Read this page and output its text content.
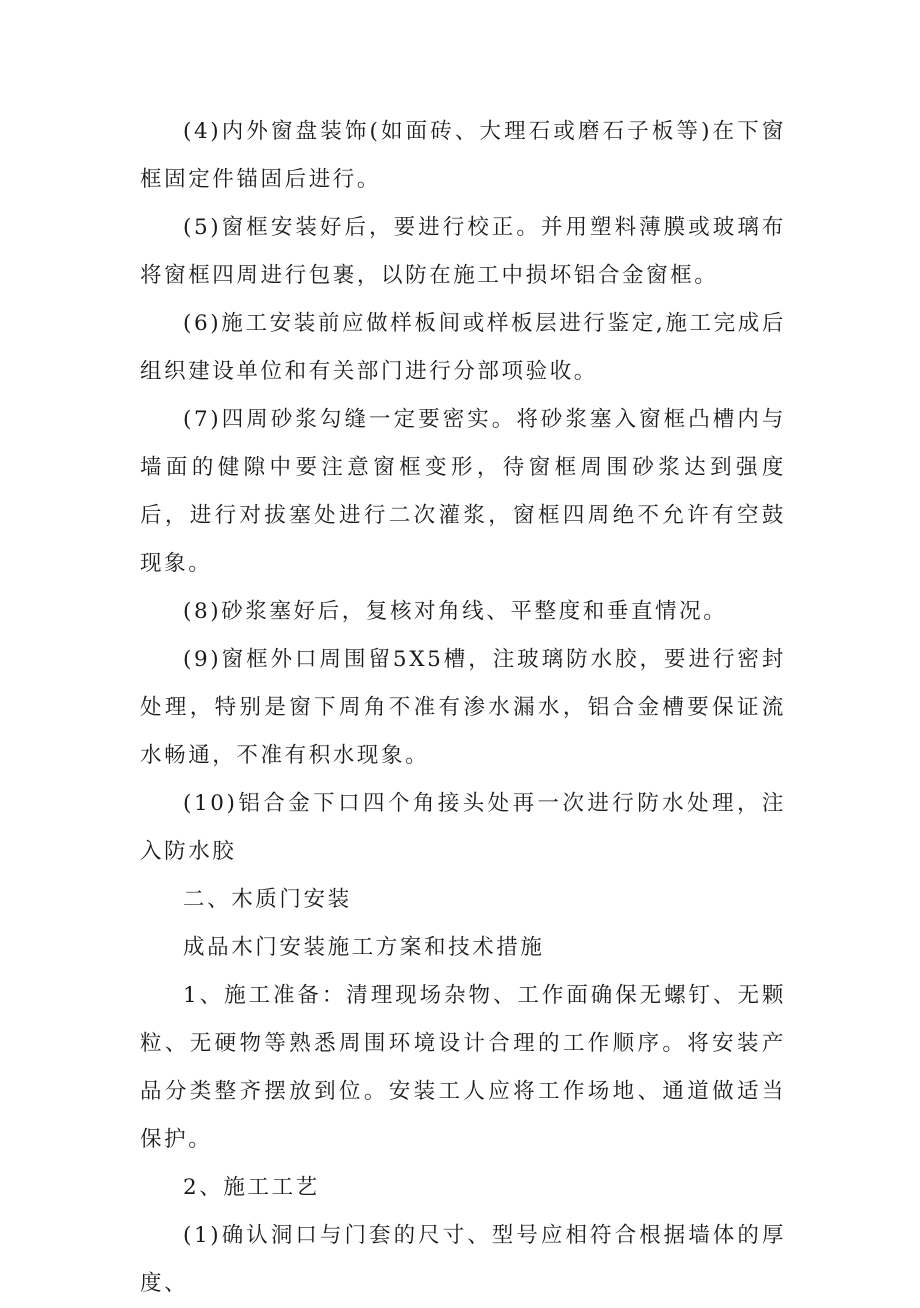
(4)内外窗盘装饰(如面砖、大理石或磨石子板等)在下窗框固定件锚固后进行。

(5)窗框安装好后，要进行校正。并用塑料薄膜或玻璃布将窗框四周进行包裹，以防在施工中损坏铝合金窗框。

(6)施工安装前应做样板间或样板层进行鉴定,施工完成后组织建设单位和有关部门进行分部项验收。

(7)四周砂浆勾缝一定要密实。将砂浆塞入窗框凸槽内与墙面的健隙中要注意窗框变形，待窗框周围砂浆达到强度后，进行对拔塞处进行二次灌浆，窗框四周绝不允许有空鼓现象。

(8)砂浆塞好后，复核对角线、平整度和垂直情况。

(9)窗框外口周围留5X5槽，注玻璃防水胶，要进行密封处理，特别是窗下周角不准有渗水漏水，铝合金槽要保证流水畅通，不准有积水现象。

(10)铝合金下口四个角接头处再一次进行防水处理，注入防水胶

二、木质门安装

成品木门安装施工方案和技术措施

1、施工准备：清理现场杂物、工作面确保无螺钉、无颗粒、无硬物等熟悉周围环境设计合理的工作顺序。将安装产品分类整齐摆放到位。安装工人应将工作场地、通道做适当保护。

2、施工工艺

(1)确认洞口与门套的尺寸、型号应相符合根据墙体的厚度、
